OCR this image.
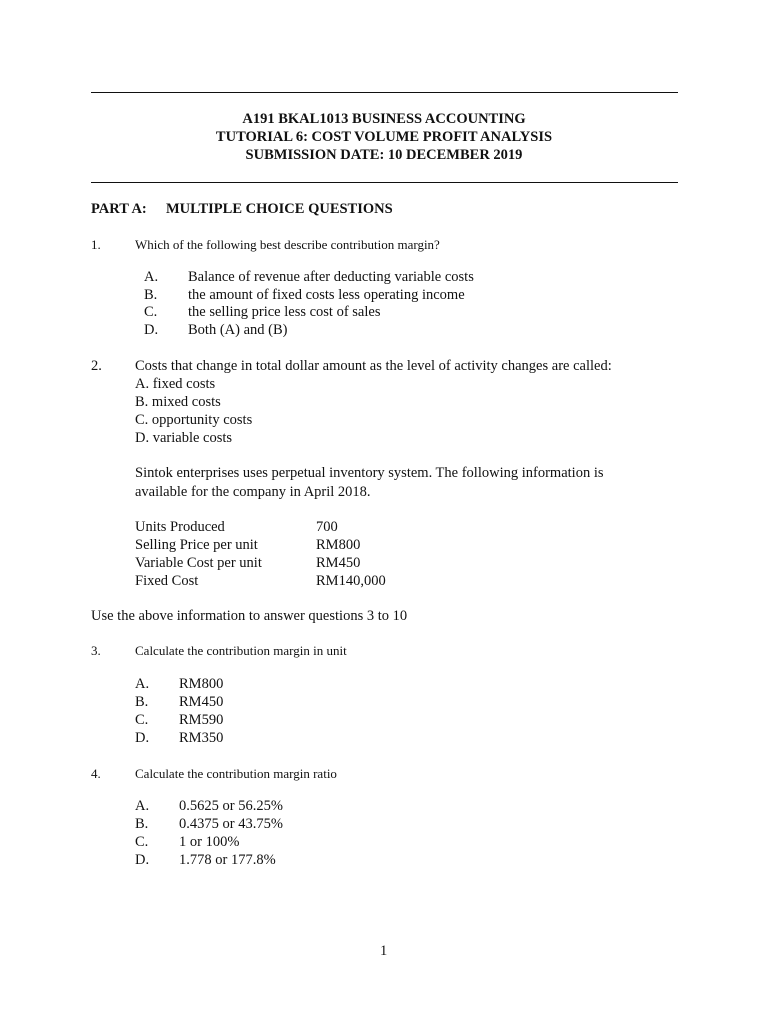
A191 BKAL1013 BUSINESS ACCOUNTING
TUTORIAL 6: COST VOLUME PROFIT ANALYSIS
SUBMISSION DATE: 10 DECEMBER 2019
PART A: MULTIPLE CHOICE QUESTIONS
1.	Which of the following best describe contribution margin?
A. Balance of revenue after deducting variable costs
B. the amount of fixed costs less operating income
C. the selling price less cost of sales
D. Both (A) and (B)
2. Costs that change in total dollar amount as the level of activity changes are called:
A. fixed costs
B. mixed costs
C. opportunity costs
D. variable costs
Sintok enterprises uses perpetual inventory system. The following information is
available for the company in April 2018.
Units Produced	700
Selling Price per unit	RM800
Variable Cost per unit	RM450
Fixed Cost	RM140,000
Use the above information to answer questions 3 to 10
3.	Calculate the contribution margin in unit
A. RM800
B. RM450
C. RM590
D. RM350
4.	Calculate the contribution margin ratio
A. 0.5625 or 56.25%
B. 0.4375 or 43.75%
C. 1 or 100%
D. 1.778 or 177.8%
1
